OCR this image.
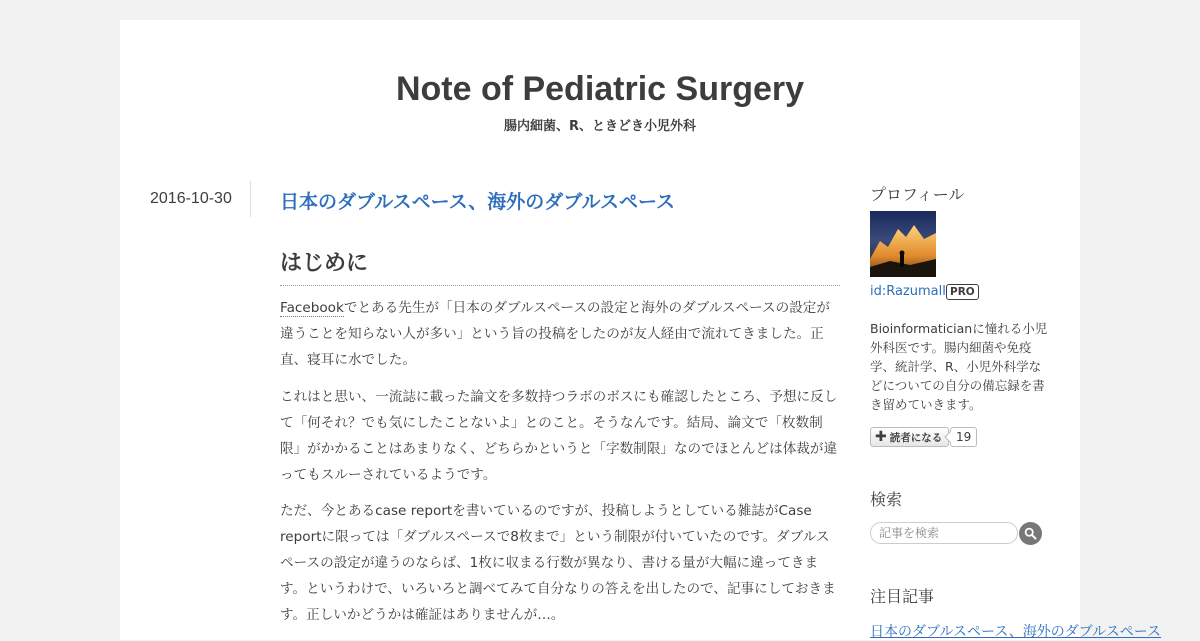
Note of Pediatric Surgery
腸内細菌、R、ときどき小児外科
2016-10-30	日本のダブルスペース、海外のダブルスペース
はじめに

Facebookでとある先生が「日本のダブルスペースの設定と海外のダブルスペースの設定が違うことを知らない人が多い」という旨の投稿をしたのが友人経由で流れてきました。正直、寝耳に水でした。

これはと思い、一流誌に載った論文を多数持つラボのボスにも確認したところ、予想に反して「何それ？でも気にしたことないよ」とのこと。そうなんです。結局、論文で「枚数制限」がかかることはあまりなく、どちらかというと「字数制限」なのでほとんどは体裁が違ってもスルーされているようです。

ただ、今とあるcase reportを書いているのですが、投稿しようとしている雑誌がCase reportに限っては「ダブルスペースで8枚まで」という制限が付いていたのです。ダブルスペースの設定が違うのならば、1枚に収まる行数が異なり、書ける量が大幅に違ってきます。というわけで、いろいろと調べてみて自分なりの答えを出したので、記事にしておきます。正しいかどうかは確証はありませんが…。

プロフィール
id:Razumall PRO
Bioinformaticianに憧れる小児外科医です。腸内細菌や免疫学、統計学、R、小児外科学などについての自分の備忘録を書き留めていきます。
✚ 読者になる	19
検索
記事を検索
注目記事
日本のダブルスペース、海外のダブルスペース
